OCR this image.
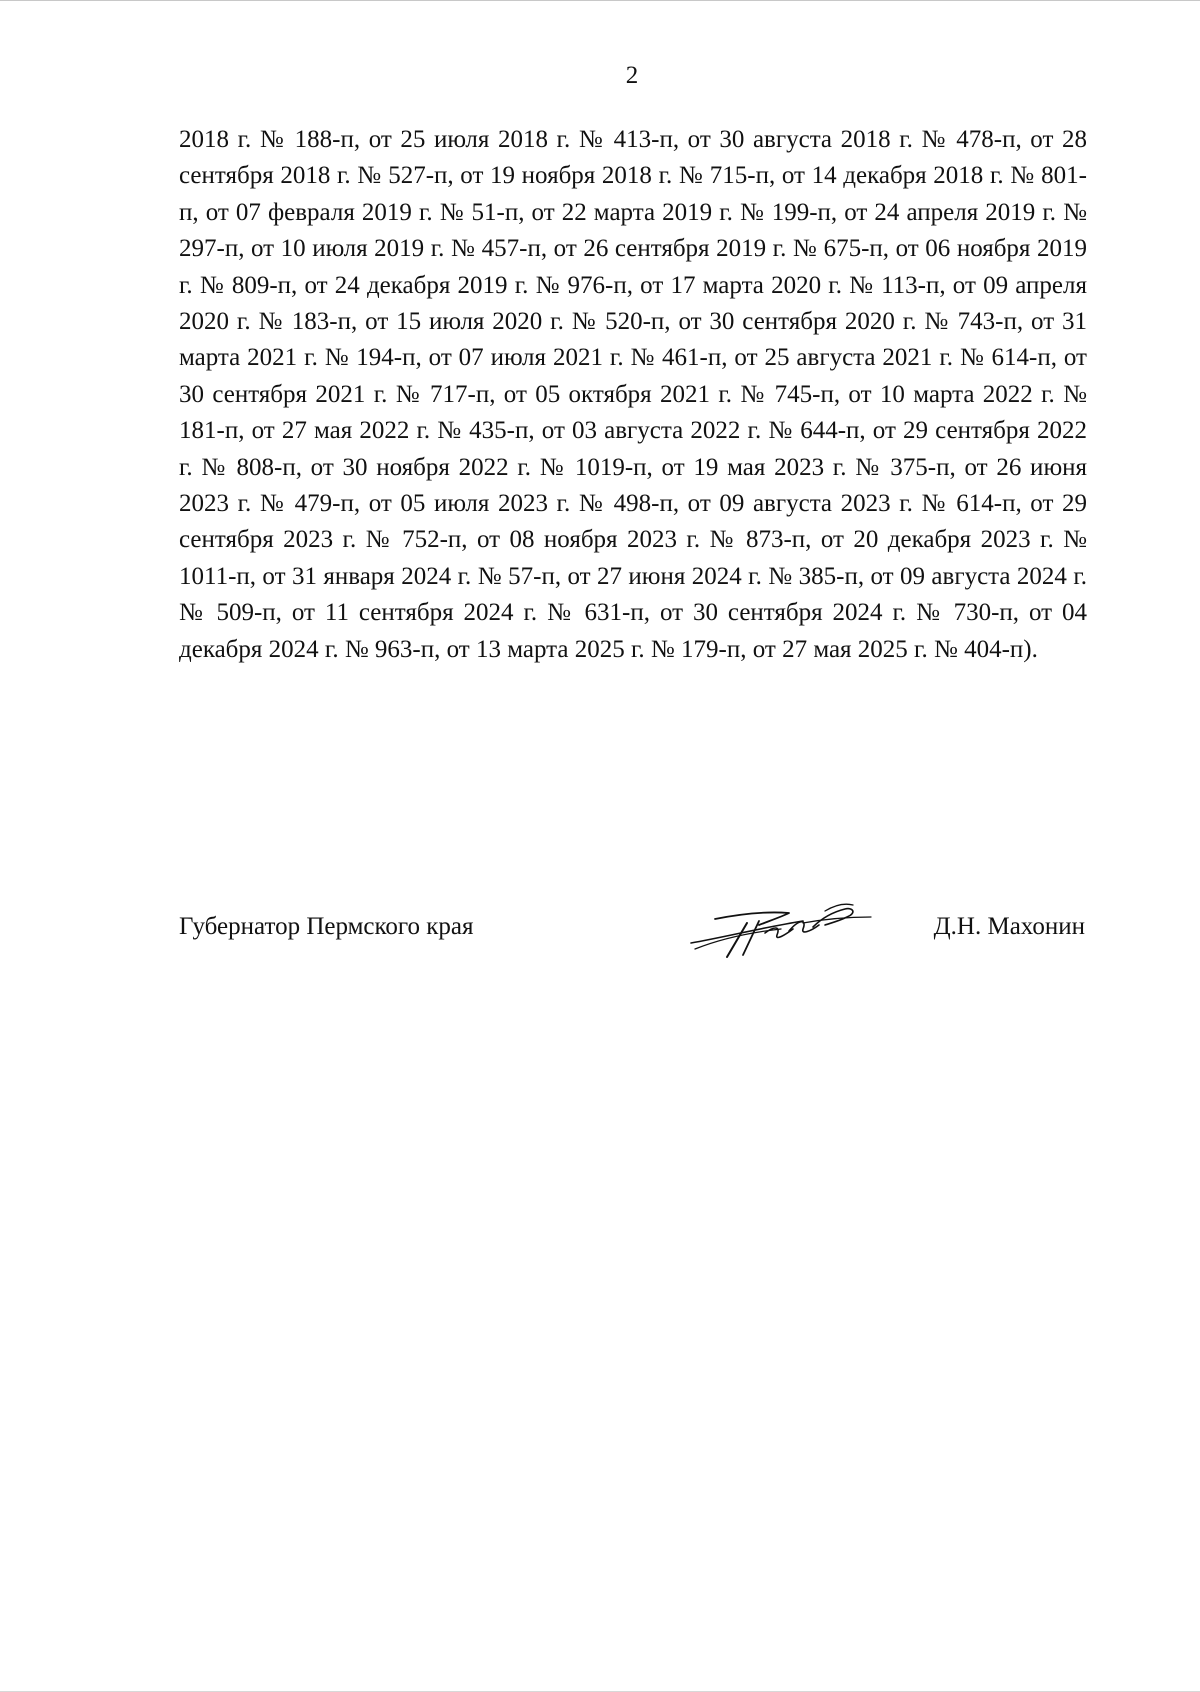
2

2018 г. № 188-п, от 25 июля 2018 г. № 413-п, от 30 августа 2018 г. № 478-п, от 28 сентября 2018 г. № 527-п, от 19 ноября 2018 г. № 715-п, от 14 декабря 2018 г. № 801-п, от 07 февраля 2019 г. № 51-п, от 22 марта 2019 г. № 199-п, от 24 апреля 2019 г. № 297-п, от 10 июля 2019 г. № 457-п, от 26 сентября 2019 г. № 675-п, от 06 ноября 2019 г. № 809-п, от 24 декабря 2019 г. № 976-п, от 17 марта 2020 г. № 113-п, от 09 апреля 2020 г. № 183-п, от 15 июля 2020 г. № 520-п, от 30 сентября 2020 г. № 743-п, от 31 марта 2021 г. № 194-п, от 07 июля 2021 г. № 461-п, от 25 августа 2021 г. № 614-п, от 30 сентября 2021 г. № 717-п, от 05 октября 2021 г. № 745-п, от 10 марта 2022 г. № 181-п, от 27 мая 2022 г. № 435-п, от 03 августа 2022 г. № 644-п, от 29 сентября 2022 г. № 808-п, от 30 ноября 2022 г. № 1019-п, от 19 мая 2023 г. № 375-п, от 26 июня 2023 г. № 479-п, от 05 июля 2023 г. № 498-п, от 09 августа 2023 г. № 614-п, от 29 сентября 2023 г. № 752-п, от 08 ноября 2023 г. № 873-п, от 20 декабря 2023 г. № 1011-п, от 31 января 2024 г. № 57-п, от 27 июня 2024 г. № 385-п, от 09 августа 2024 г. № 509-п, от 11 сентября 2024 г. № 631-п, от 30 сентября 2024 г. № 730-п, от 04 декабря 2024 г. № 963-п, от 13 марта 2025 г. № 179-п, от 27 мая 2025 г. № 404-п).

Губернатор Пермского края	Д.Н. Махонин
